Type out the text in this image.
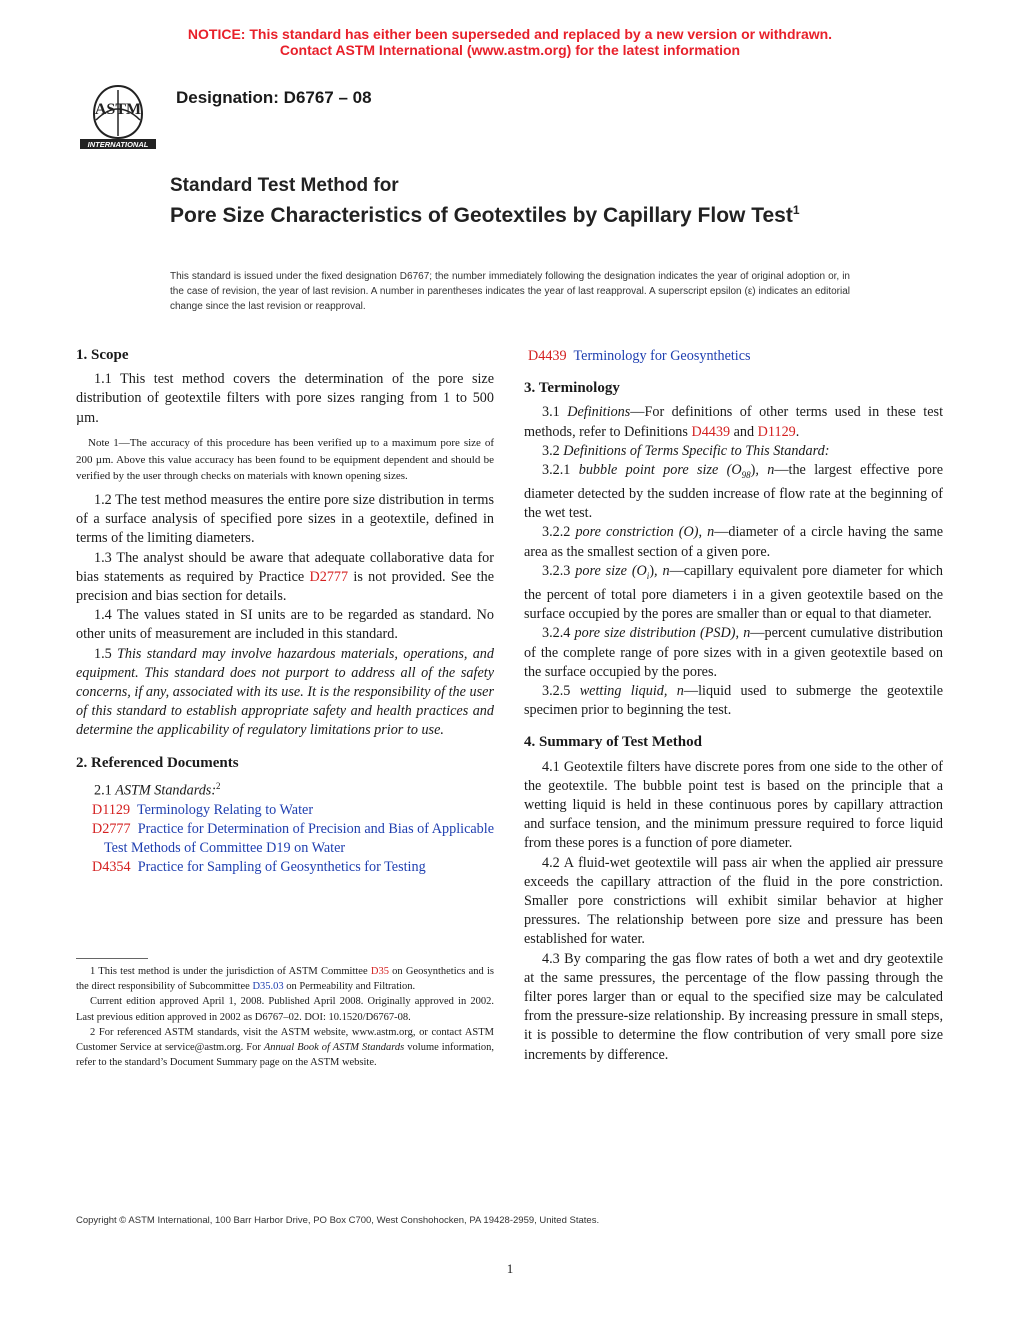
NOTICE: This standard has either been superseded and replaced by a new version or withdrawn.
Contact ASTM International (www.astm.org) for the latest information
ASTM
INTERNATIONAL
Designation: D6767 – 08
Standard Test Method for
Pore Size Characteristics of Geotextiles by Capillary Flow Test$^1$
This standard is issued under the fixed designation D6767; the number immediately following the designation indicates the year of original adoption or, in the case of revision, the year of last revision. A number in parentheses indicates the year of last reapproval. A superscript epsilon (ε) indicates an editorial change since the last revision or reapproval.
1. Scope

1.1 This test method covers the determination of the pore size distribution of geotextile filters with pore sizes ranging from 1 to 500 µm.

Note 1—The accuracy of this procedure has been verified up to a maximum pore size of 200 µm. Above this value accuracy has been found to be equipment dependent and should be verified by the user through checks on materials with known opening sizes.

1.2 The test method measures the entire pore size distribution in terms of a surface analysis of specified pore sizes in a geotextile, defined in terms of the limiting diameters.

1.3 The analyst should be aware that adequate collaborative data for bias statements as required by Practice D2777 is not provided. See the precision and bias section for details.

1.4 The values stated in SI units are to be regarded as standard. No other units of measurement are included in this standard.

1.5 This standard may involve hazardous materials, operations, and equipment. This standard does not purport to address all of the safety concerns, if any, associated with its use. It is the responsibility of the user of this standard to establish appropriate safety and health practices and determine the applicability of regulatory limitations prior to use.

2. Referenced Documents

2.1 ASTM Standards:$^2$

D1129 Terminology Relating to Water

D2777 Practice for Determination of Precision and Bias of Applicable Test Methods of Committee D19 on Water

D4354 Practice for Sampling of Geosynthetics for Testing

1 This test method is under the jurisdiction of ASTM Committee D35 on Geosynthetics and is the direct responsibility of Subcommittee D35.03 on Permeability and Filtration.

Current edition approved April 1, 2008. Published April 2008. Originally approved in 2002. Last previous edition approved in 2002 as D6767–02. DOI: 10.1520/D6767-08.

2 For referenced ASTM standards, visit the ASTM website, www.astm.org, or contact ASTM Customer Service at service@astm.org. For Annual Book of ASTM Standards volume information, refer to the standard’s Document Summary page on the ASTM website.

D4439 Terminology for Geosynthetics

3. Terminology

3.1 Definitions—For definitions of other terms used in these test methods, refer to Definitions D4439 and D1129.

3.2 Definitions of Terms Specific to This Standard:

3.2.1 bubble point pore size $(O_{98})$, n—the largest effective pore diameter detected by the sudden increase of flow rate at the beginning of the wet test.

3.2.2 pore constriction (O), n—diameter of a circle having the same area as the smallest section of a given pore.

3.2.3 pore size $(O_i)$, n—capillary equivalent pore diameter for which the percent of total pore diameters i in a given geotextile based on the surface occupied by the pores are smaller than or equal to that diameter.

3.2.4 pore size distribution (PSD), n—percent cumulative distribution of the complete range of pore sizes with in a given geotextile based on the surface occupied by the pores.

3.2.5 wetting liquid, n—liquid used to submerge the geotextile specimen prior to beginning the test.

4. Summary of Test Method

4.1 Geotextile filters have discrete pores from one side to the other of the geotextile. The bubble point test is based on the principle that a wetting liquid is held in these continuous pores by capillary attraction and surface tension, and the minimum pressure required to force liquid from these pores is a function of pore diameter.

4.2 A fluid-wet geotextile will pass air when the applied air pressure exceeds the capillary attraction of the fluid in the pore constriction. Smaller pore constrictions will exhibit similar behavior at higher pressures. The relationship between pore size and pressure has been established for water.

4.3 By comparing the gas flow rates of both a wet and dry geotextile at the same pressures, the percentage of the flow passing through the filter pores larger than or equal to the specified size may be calculated from the pressure-size relationship. By increasing pressure in small steps, it is possible to determine the flow contribution of very small pore size increments by difference.

Copyright © ASTM International, 100 Barr Harbor Drive, PO Box C700, West Conshohocken, PA 19428-2959, United States.
1
